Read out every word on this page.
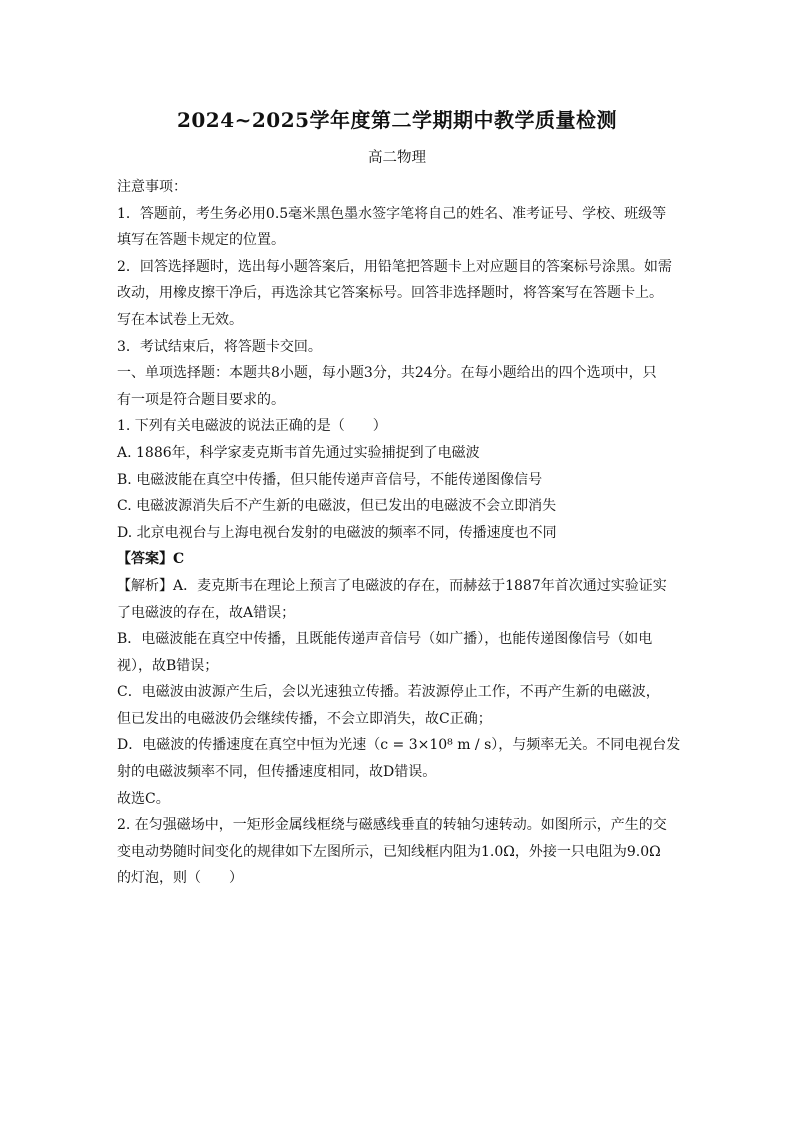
2024~2025学年度第二学期期中教学质量检测
高二物理
注意事项：
1．答题前，考生务必用0.5毫米黑色墨水签字笔将自己的姓名、准考证号、学校、班级等
填写在答题卡规定的位置。
2．回答选择题时，选出每小题答案后，用铅笔把答题卡上对应题目的答案标号涂黑。如需
改动，用橡皮擦干净后，再选涂其它答案标号。回答非选择题时，将答案写在答题卡上。
写在本试卷上无效。
3．考试结束后，将答题卡交回。
一、单项选择题：本题共8小题，每小题3分，共24分。在每小题给出的四个选项中，只
有一项是符合题目要求的。
1. 下列有关电磁波的说法正确的是（　　）
A. 1886年，科学家麦克斯韦首先通过实验捕捉到了电磁波
B. 电磁波能在真空中传播，但只能传递声音信号，不能传递图像信号
C. 电磁波源消失后不产生新的电磁波，但已发出的电磁波不会立即消失
D. 北京电视台与上海电视台发射的电磁波的频率不同，传播速度也不同
【答案】C
【解析】A．麦克斯韦在理论上预言了电磁波的存在，而赫兹于1887年首次通过实验证实
了电磁波的存在，故A错误；
B．电磁波能在真空中传播，且既能传递声音信号（如广播），也能传递图像信号（如电
视），故B错误；
C．电磁波由波源产生后，会以光速独立传播。若波源停止工作，不再产生新的电磁波，
但已发出的电磁波仍会继续传播，不会立即消失，故C正确；
D．电磁波的传播速度在真空中恒为光速（c = 3×10⁸ m / s），与频率无关。不同电视台发
射的电磁波频率不同，但传播速度相同，故D错误。
故选C。
2. 在匀强磁场中，一矩形金属线框绕与磁感线垂直的转轴匀速转动。如图所示，产生的交
变电动势随时间变化的规律如下左图所示，已知线框内阻为1.0Ω，外接一只电阻为9.0Ω
的灯泡，则（　　）
